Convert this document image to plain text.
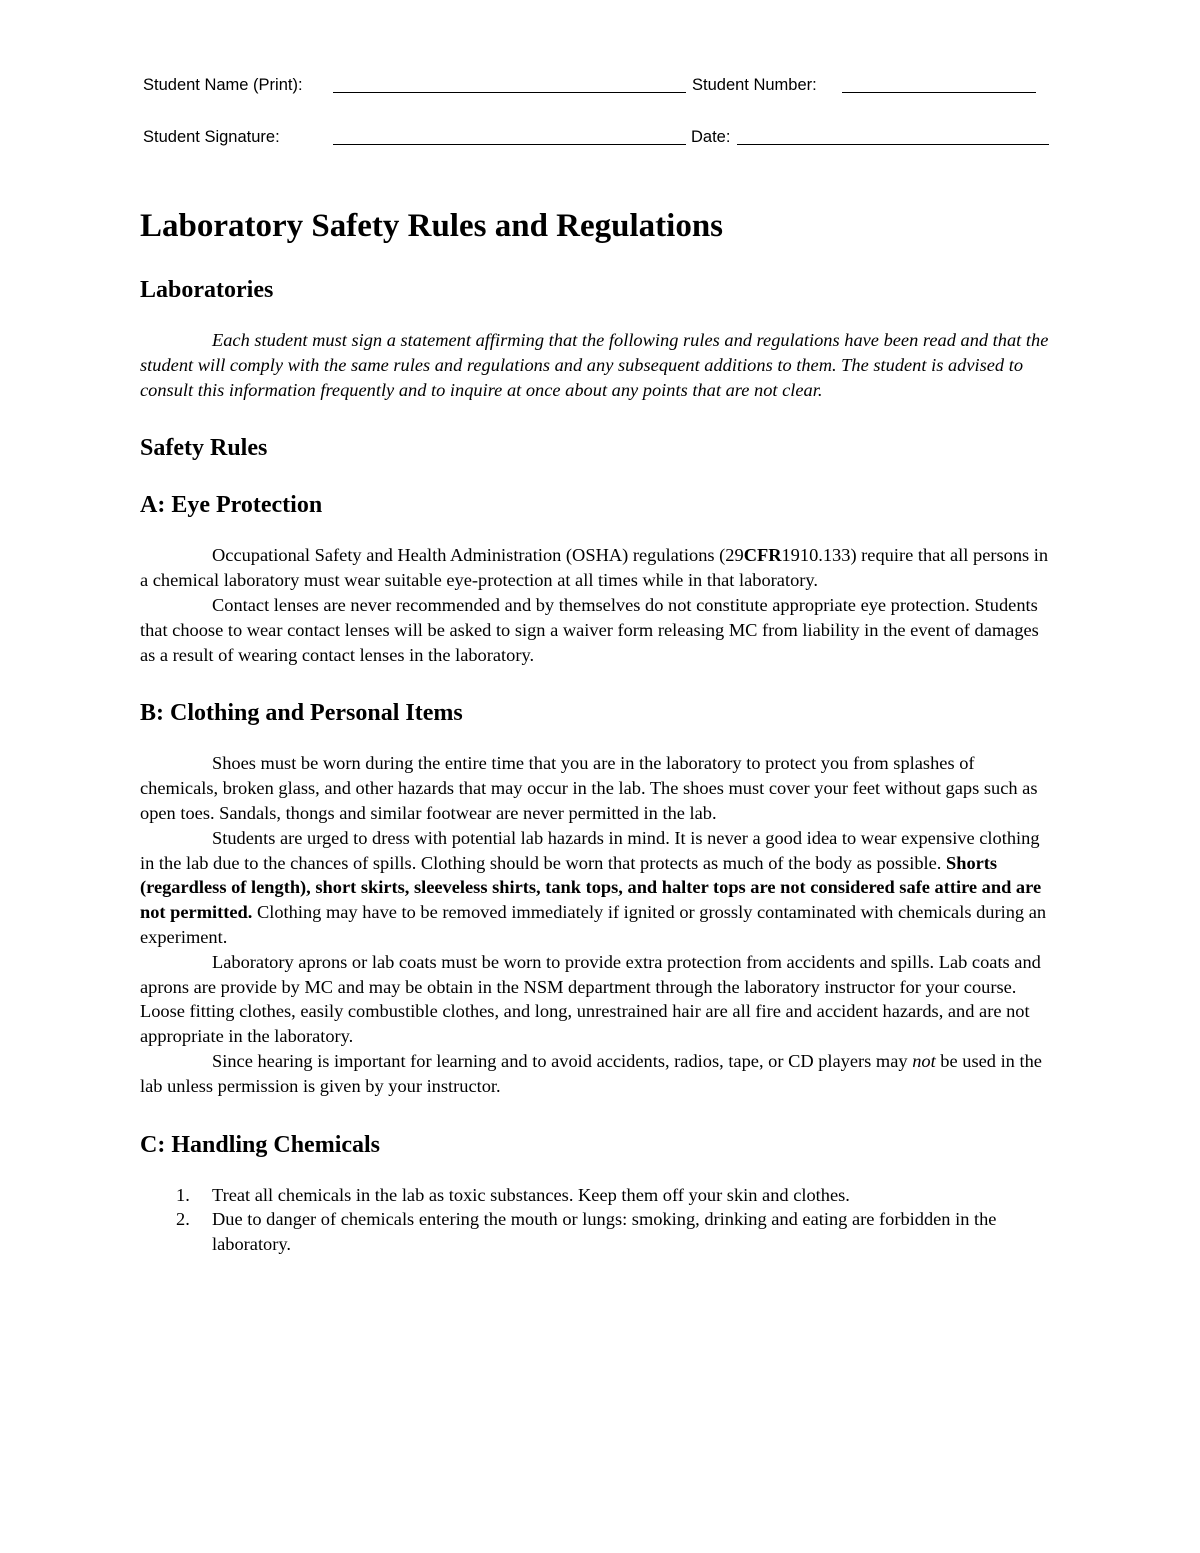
Student Name (Print):	Student Number:
Student Signature:	Date:
Laboratory Safety Rules and Regulations
Laboratories

Each student must sign a statement affirming that the following rules and regulations have been read and that the student will comply with the same rules and regulations and any subsequent additions to them. The student is advised to consult this information frequently and to inquire at once about any points that are not clear.

Safety Rules
A: Eye Protection

Occupational Safety and Health Administration (OSHA) regulations (29CFR1910.133) require that all persons in a chemical laboratory must wear suitable eye-protection at all times while in that laboratory.

Contact lenses are never recommended and by themselves do not constitute appropriate eye protection. Students that choose to wear contact lenses will be asked to sign a waiver form releasing MC from liability in the event of damages as a result of wearing contact lenses in the laboratory.

B: Clothing and Personal Items

Shoes must be worn during the entire time that you are in the laboratory to protect you from splashes of chemicals, broken glass, and other hazards that may occur in the lab. The shoes must cover your feet without gaps such as open toes. Sandals, thongs and similar footwear are never permitted in the lab.

Students are urged to dress with potential lab hazards in mind. It is never a good idea to wear expensive clothing in the lab due to the chances of spills. Clothing should be worn that protects as much of the body as possible. Shorts (regardless of length), short skirts, sleeveless shirts, tank tops, and halter tops are not considered safe attire and are not permitted. Clothing may have to be removed immediately if ignited or grossly contaminated with chemicals during an experiment.

Laboratory aprons or lab coats must be worn to provide extra protection from accidents and spills. Lab coats and aprons are provide by MC and may be obtain in the NSM department through the laboratory instructor for your course. Loose fitting clothes, easily combustible clothes, and long, unrestrained hair are all fire and accident hazards, and are not appropriate in the laboratory.

Since hearing is important for learning and to avoid accidents, radios, tape, or CD players may not be used in the lab unless permission is given by your instructor.

C: Handling Chemicals
1. Treat all chemicals in the lab as toxic substances. Keep them off your skin and clothes.
2. Due to danger of chemicals entering the mouth or lungs: smoking, drinking and eating are forbidden in the laboratory.
